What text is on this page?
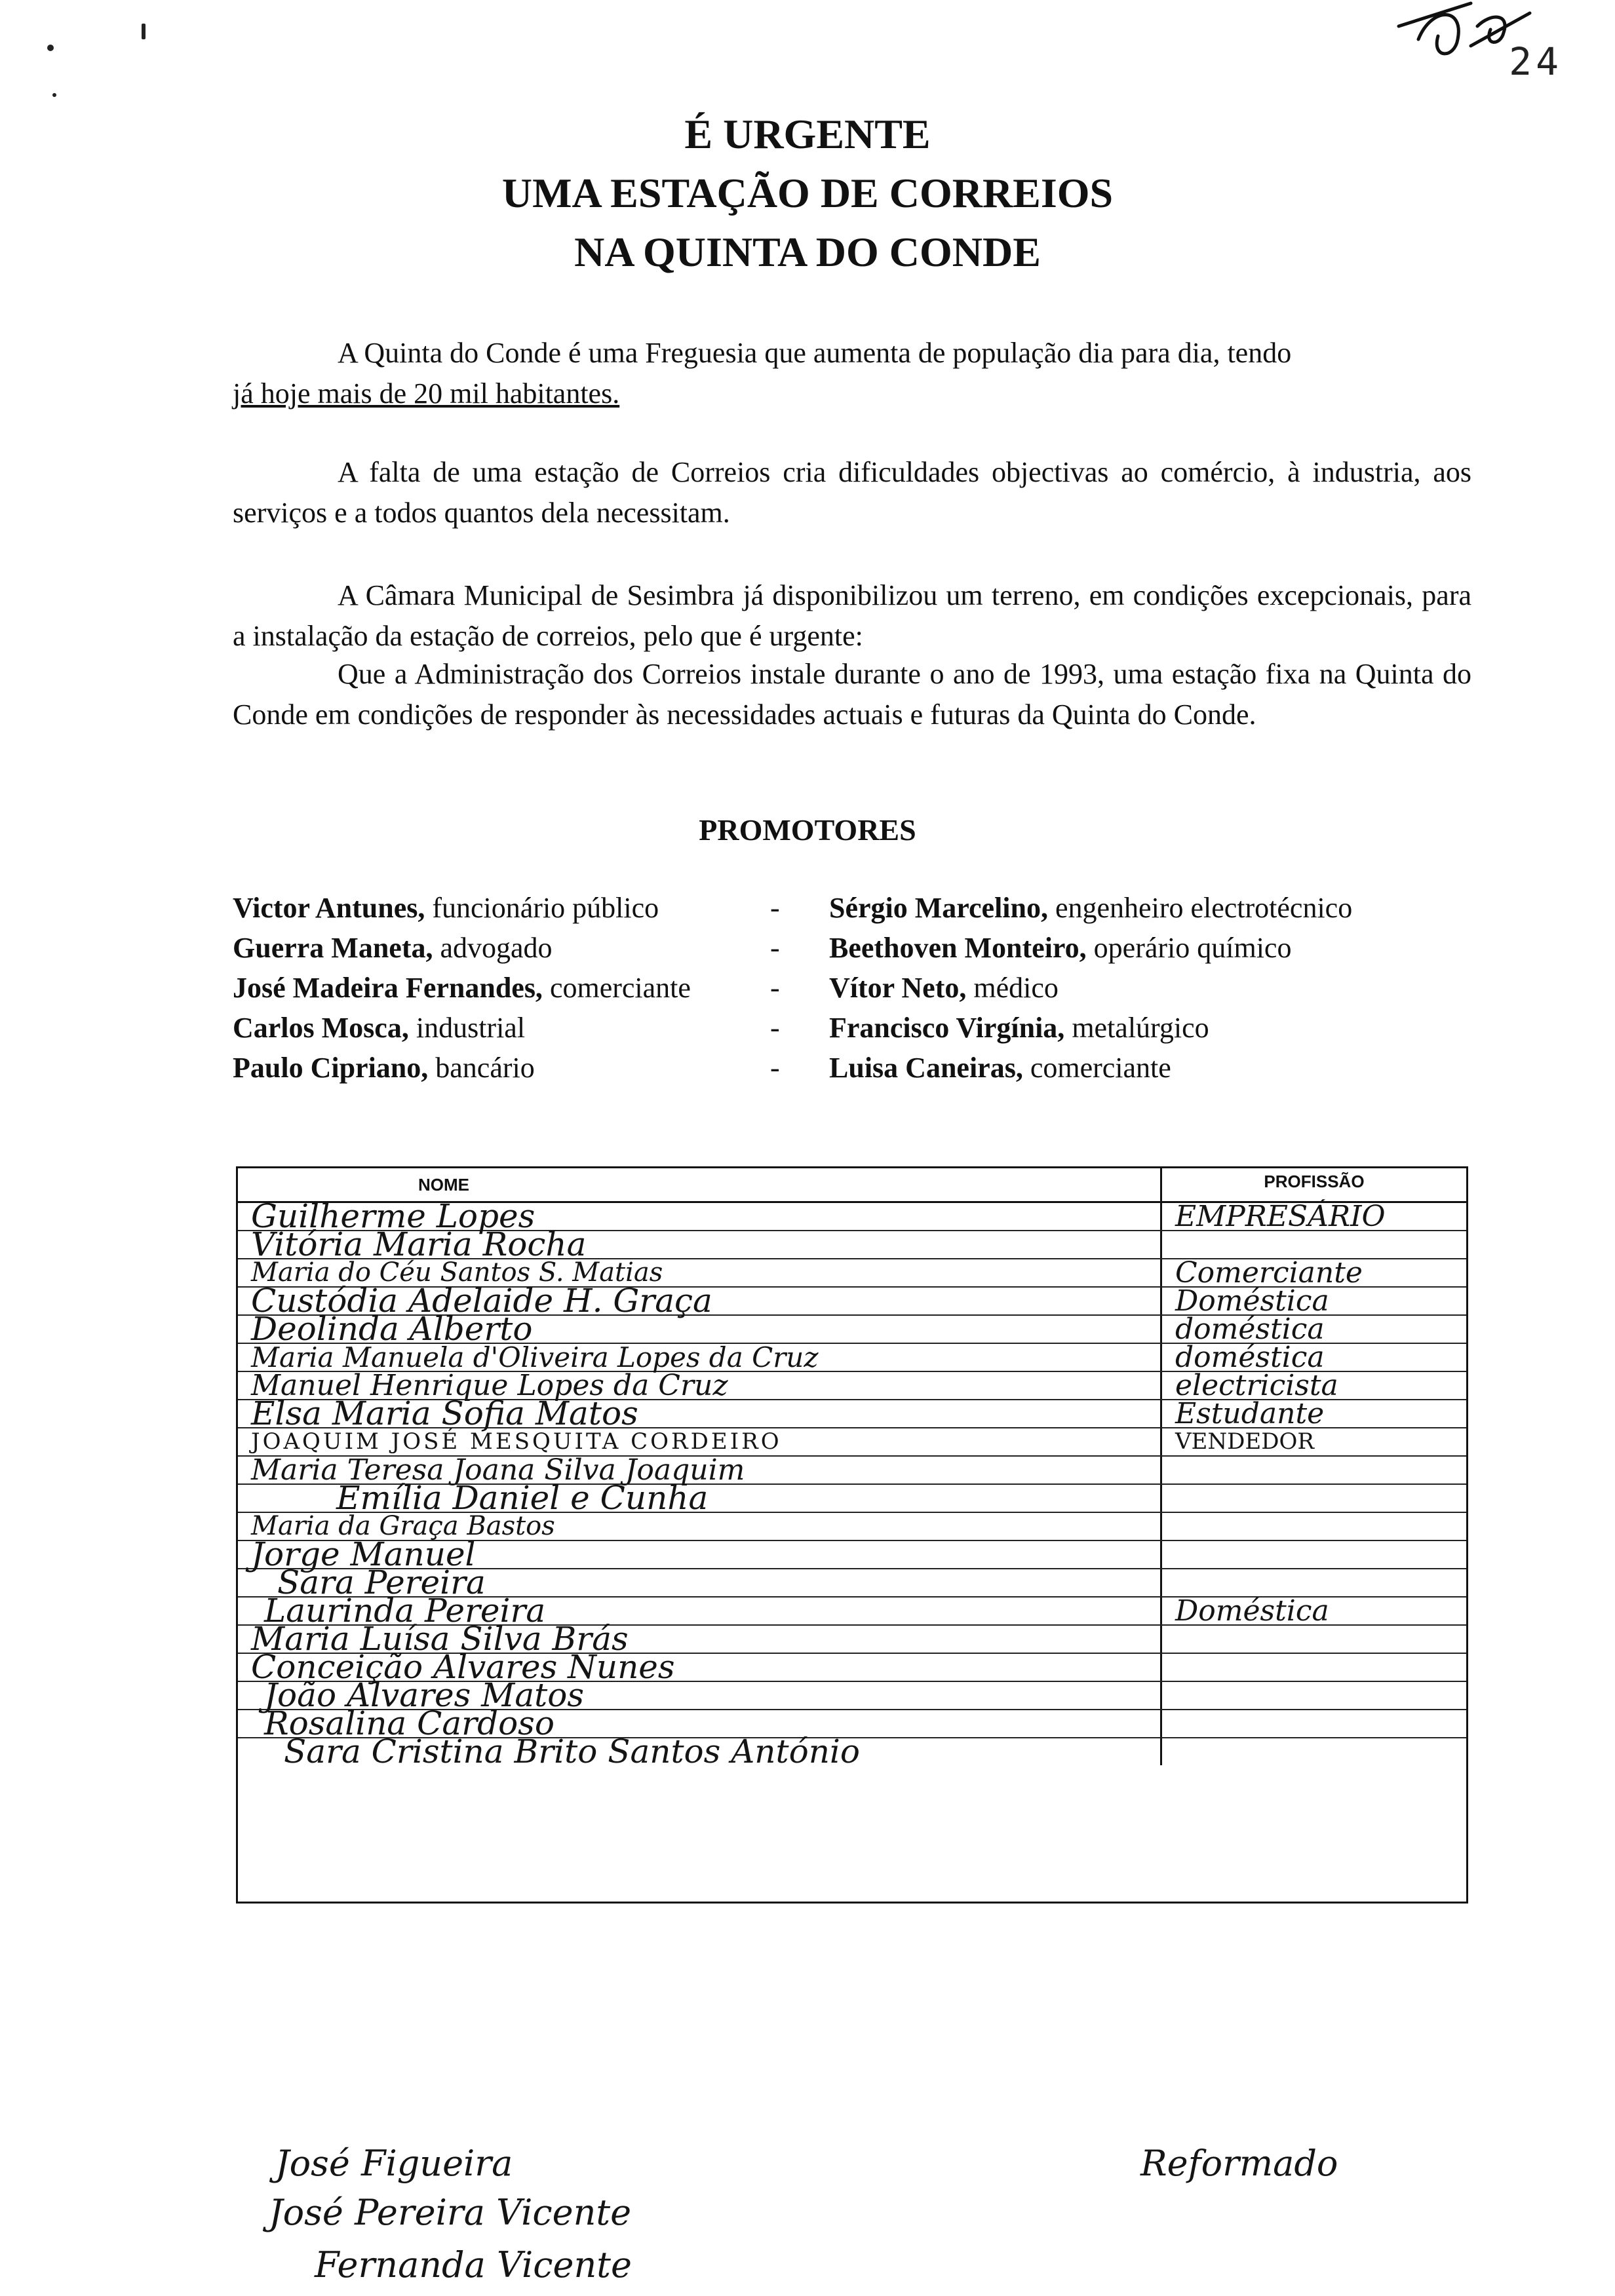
24
É URGENTE
UMA ESTAÇÃO DE CORREIOS
NA QUINTA DO CONDE
A Quinta do Conde é uma Freguesia que aumenta de população dia para dia, tendo
já hoje mais de 20 mil habitantes.
A falta de uma estação de Correios cria dificuldades objectivas ao comércio, à industria, aos serviços e a todos quantos dela necessitam.
A Câmara Municipal de Sesimbra já disponibilizou um terreno, em condições excepcionais, para a instalação da estação de correios, pelo que é urgente:
Que a Administração dos Correios instale durante o ano de 1993, uma estação fixa na Quinta do Conde em condições de responder às necessidades actuais e futuras da Quinta do Conde.
PROMOTORES
Victor Antunes, funcionário público	-	Sérgio Marcelino, engenheiro electrotécnico
Guerra Maneta, advogado	-	Beethoven Monteiro, operário químico
José Madeira Fernandes, comerciante	-	Vítor Neto, médico
Carlos Mosca, industrial	-	Francisco Virgínia, metalúrgico
Paulo Cipriano, bancário	-	Luisa Caneiras, comerciante
NOME	PROFISSÃO
Guilherme Lopes	EMPRESÁRIO
Vitória Maria Rocha
Maria do Céu Santos S. Matias	Comerciante
Custódia Adelaide H. Graça	Doméstica
Deolinda Alberto	doméstica
Maria Manuela d'Oliveira Lopes da Cruz	doméstica
Manuel Henrique Lopes da Cruz	electricista
Elsa Maria Sofia Matos	Estudante
JOAQUIM JOSÉ MESQUITA CORDEIRO	VENDEDOR
Maria Teresa Joana Silva Joaquim
Emília Daniel e Cunha
Maria da Graça Bastos
Jorge Manuel
Sara Pereira
Laurinda Pereira	Doméstica
Maria Luísa Silva Brás
Conceição Alvares Nunes
João Alvares Matos
Rosalina Cardoso
Sara Cristina Brito Santos António
José Figueira
José Pereira Vicente
Fernanda Vicente
Reformado
